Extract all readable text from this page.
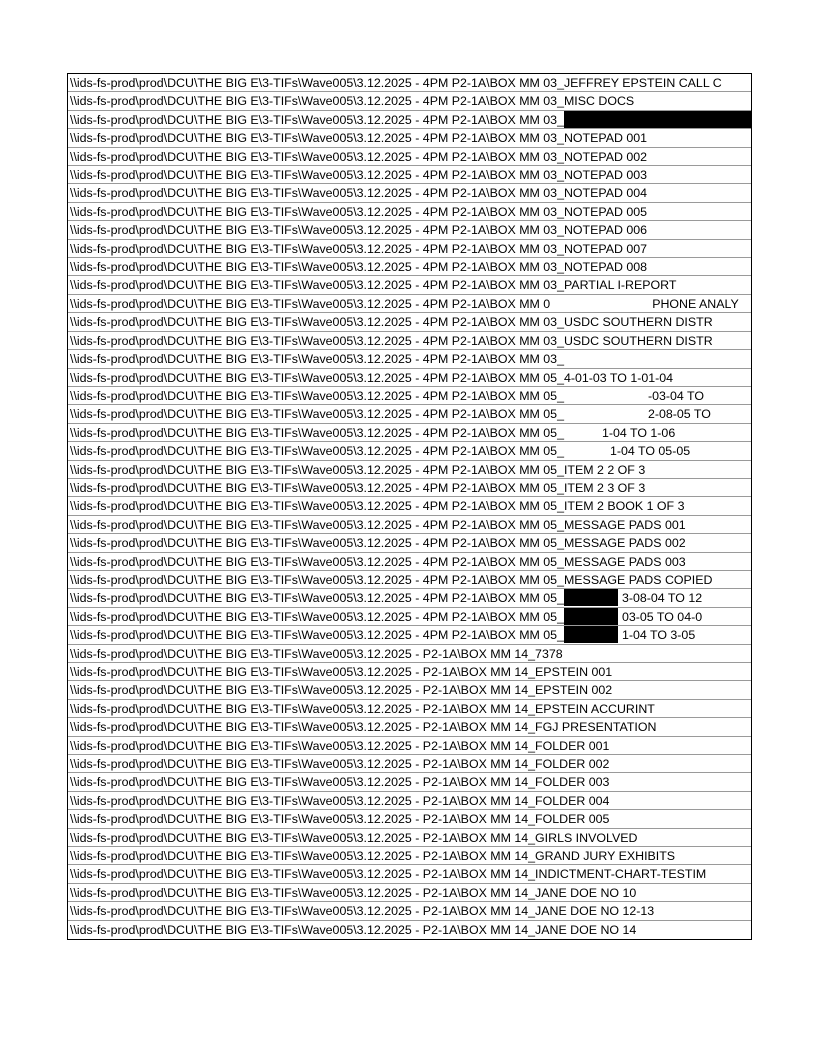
\\ids-fs-prod\prod\DCU\THE BIG E\3-TIFs\Wave005\3.12.2025 - 4PM P2-1A\BOX MM 03_JEFFREY EPSTEIN CALL C
\\ids-fs-prod\prod\DCU\THE BIG E\3-TIFs\Wave005\3.12.2025 - 4PM P2-1A\BOX MM 03_MISC DOCS
\\ids-fs-prod\prod\DCU\THE BIG E\3-TIFs\Wave005\3.12.2025 - 4PM P2-1A\BOX MM 03_
\\ids-fs-prod\prod\DCU\THE BIG E\3-TIFs\Wave005\3.12.2025 - 4PM P2-1A\BOX MM 03_NOTEPAD 001
\\ids-fs-prod\prod\DCU\THE BIG E\3-TIFs\Wave005\3.12.2025 - 4PM P2-1A\BOX MM 03_NOTEPAD 002
\\ids-fs-prod\prod\DCU\THE BIG E\3-TIFs\Wave005\3.12.2025 - 4PM P2-1A\BOX MM 03_NOTEPAD 003
\\ids-fs-prod\prod\DCU\THE BIG E\3-TIFs\Wave005\3.12.2025 - 4PM P2-1A\BOX MM 03_NOTEPAD 004
\\ids-fs-prod\prod\DCU\THE BIG E\3-TIFs\Wave005\3.12.2025 - 4PM P2-1A\BOX MM 03_NOTEPAD 005
\\ids-fs-prod\prod\DCU\THE BIG E\3-TIFs\Wave005\3.12.2025 - 4PM P2-1A\BOX MM 03_NOTEPAD 006
\\ids-fs-prod\prod\DCU\THE BIG E\3-TIFs\Wave005\3.12.2025 - 4PM P2-1A\BOX MM 03_NOTEPAD 007
\\ids-fs-prod\prod\DCU\THE BIG E\3-TIFs\Wave005\3.12.2025 - 4PM P2-1A\BOX MM 03_NOTEPAD 008
\\ids-fs-prod\prod\DCU\THE BIG E\3-TIFs\Wave005\3.12.2025 - 4PM P2-1A\BOX MM 03_PARTIAL I-REPORT
\\ids-fs-prod\prod\DCU\THE BIG E\3-TIFs\Wave005\3.12.2025 - 4PM P2-1A\BOX MM 0	PHONE ANALY
\\ids-fs-prod\prod\DCU\THE BIG E\3-TIFs\Wave005\3.12.2025 - 4PM P2-1A\BOX MM 03_USDC SOUTHERN DISTR
\\ids-fs-prod\prod\DCU\THE BIG E\3-TIFs\Wave005\3.12.2025 - 4PM P2-1A\BOX MM 03_USDC SOUTHERN DISTR
\\ids-fs-prod\prod\DCU\THE BIG E\3-TIFs\Wave005\3.12.2025 - 4PM P2-1A\BOX MM 03_
\\ids-fs-prod\prod\DCU\THE BIG E\3-TIFs\Wave005\3.12.2025 - 4PM P2-1A\BOX MM 05_4-01-03 TO 1-01-04
\\ids-fs-prod\prod\DCU\THE BIG E\3-TIFs\Wave005\3.12.2025 - 4PM P2-1A\BOX MM 05_	-03-04 TO
\\ids-fs-prod\prod\DCU\THE BIG E\3-TIFs\Wave005\3.12.2025 - 4PM P2-1A\BOX MM 05_	2-08-05 TO
\\ids-fs-prod\prod\DCU\THE BIG E\3-TIFs\Wave005\3.12.2025 - 4PM P2-1A\BOX MM 05_	1-04 TO 1-06
\\ids-fs-prod\prod\DCU\THE BIG E\3-TIFs\Wave005\3.12.2025 - 4PM P2-1A\BOX MM 05_	1-04 TO 05-05
\\ids-fs-prod\prod\DCU\THE BIG E\3-TIFs\Wave005\3.12.2025 - 4PM P2-1A\BOX MM 05_ITEM 2 2 OF 3
\\ids-fs-prod\prod\DCU\THE BIG E\3-TIFs\Wave005\3.12.2025 - 4PM P2-1A\BOX MM 05_ITEM 2 3 OF 3
\\ids-fs-prod\prod\DCU\THE BIG E\3-TIFs\Wave005\3.12.2025 - 4PM P2-1A\BOX MM 05_ITEM 2 BOOK 1 OF 3
\\ids-fs-prod\prod\DCU\THE BIG E\3-TIFs\Wave005\3.12.2025 - 4PM P2-1A\BOX MM 05_MESSAGE PADS 001
\\ids-fs-prod\prod\DCU\THE BIG E\3-TIFs\Wave005\3.12.2025 - 4PM P2-1A\BOX MM 05_MESSAGE PADS 002
\\ids-fs-prod\prod\DCU\THE BIG E\3-TIFs\Wave005\3.12.2025 - 4PM P2-1A\BOX MM 05_MESSAGE PADS 003
\\ids-fs-prod\prod\DCU\THE BIG E\3-TIFs\Wave005\3.12.2025 - 4PM P2-1A\BOX MM 05_MESSAGE PADS COPIED
\\ids-fs-prod\prod\DCU\THE BIG E\3-TIFs\Wave005\3.12.2025 - 4PM P2-1A\BOX MM 05_	3-08-04 TO 12
\\ids-fs-prod\prod\DCU\THE BIG E\3-TIFs\Wave005\3.12.2025 - 4PM P2-1A\BOX MM 05_	03-05 TO 04-0
\\ids-fs-prod\prod\DCU\THE BIG E\3-TIFs\Wave005\3.12.2025 - 4PM P2-1A\BOX MM 05_	1-04 TO 3-05
\\ids-fs-prod\prod\DCU\THE BIG E\3-TIFs\Wave005\3.12.2025 - P2-1A\BOX MM 14_7378
\\ids-fs-prod\prod\DCU\THE BIG E\3-TIFs\Wave005\3.12.2025 - P2-1A\BOX MM 14_EPSTEIN 001
\\ids-fs-prod\prod\DCU\THE BIG E\3-TIFs\Wave005\3.12.2025 - P2-1A\BOX MM 14_EPSTEIN 002
\\ids-fs-prod\prod\DCU\THE BIG E\3-TIFs\Wave005\3.12.2025 - P2-1A\BOX MM 14_EPSTEIN ACCURINT
\\ids-fs-prod\prod\DCU\THE BIG E\3-TIFs\Wave005\3.12.2025 - P2-1A\BOX MM 14_FGJ PRESENTATION
\\ids-fs-prod\prod\DCU\THE BIG E\3-TIFs\Wave005\3.12.2025 - P2-1A\BOX MM 14_FOLDER 001
\\ids-fs-prod\prod\DCU\THE BIG E\3-TIFs\Wave005\3.12.2025 - P2-1A\BOX MM 14_FOLDER 002
\\ids-fs-prod\prod\DCU\THE BIG E\3-TIFs\Wave005\3.12.2025 - P2-1A\BOX MM 14_FOLDER 003
\\ids-fs-prod\prod\DCU\THE BIG E\3-TIFs\Wave005\3.12.2025 - P2-1A\BOX MM 14_FOLDER 004
\\ids-fs-prod\prod\DCU\THE BIG E\3-TIFs\Wave005\3.12.2025 - P2-1A\BOX MM 14_FOLDER 005
\\ids-fs-prod\prod\DCU\THE BIG E\3-TIFs\Wave005\3.12.2025 - P2-1A\BOX MM 14_GIRLS INVOLVED
\\ids-fs-prod\prod\DCU\THE BIG E\3-TIFs\Wave005\3.12.2025 - P2-1A\BOX MM 14_GRAND JURY EXHIBITS
\\ids-fs-prod\prod\DCU\THE BIG E\3-TIFs\Wave005\3.12.2025 - P2-1A\BOX MM 14_INDICTMENT-CHART-TESTIM
\\ids-fs-prod\prod\DCU\THE BIG E\3-TIFs\Wave005\3.12.2025 - P2-1A\BOX MM 14_JANE DOE NO 10
\\ids-fs-prod\prod\DCU\THE BIG E\3-TIFs\Wave005\3.12.2025 - P2-1A\BOX MM 14_JANE DOE NO 12-13
\\ids-fs-prod\prod\DCU\THE BIG E\3-TIFs\Wave005\3.12.2025 - P2-1A\BOX MM 14_JANE DOE NO 14
